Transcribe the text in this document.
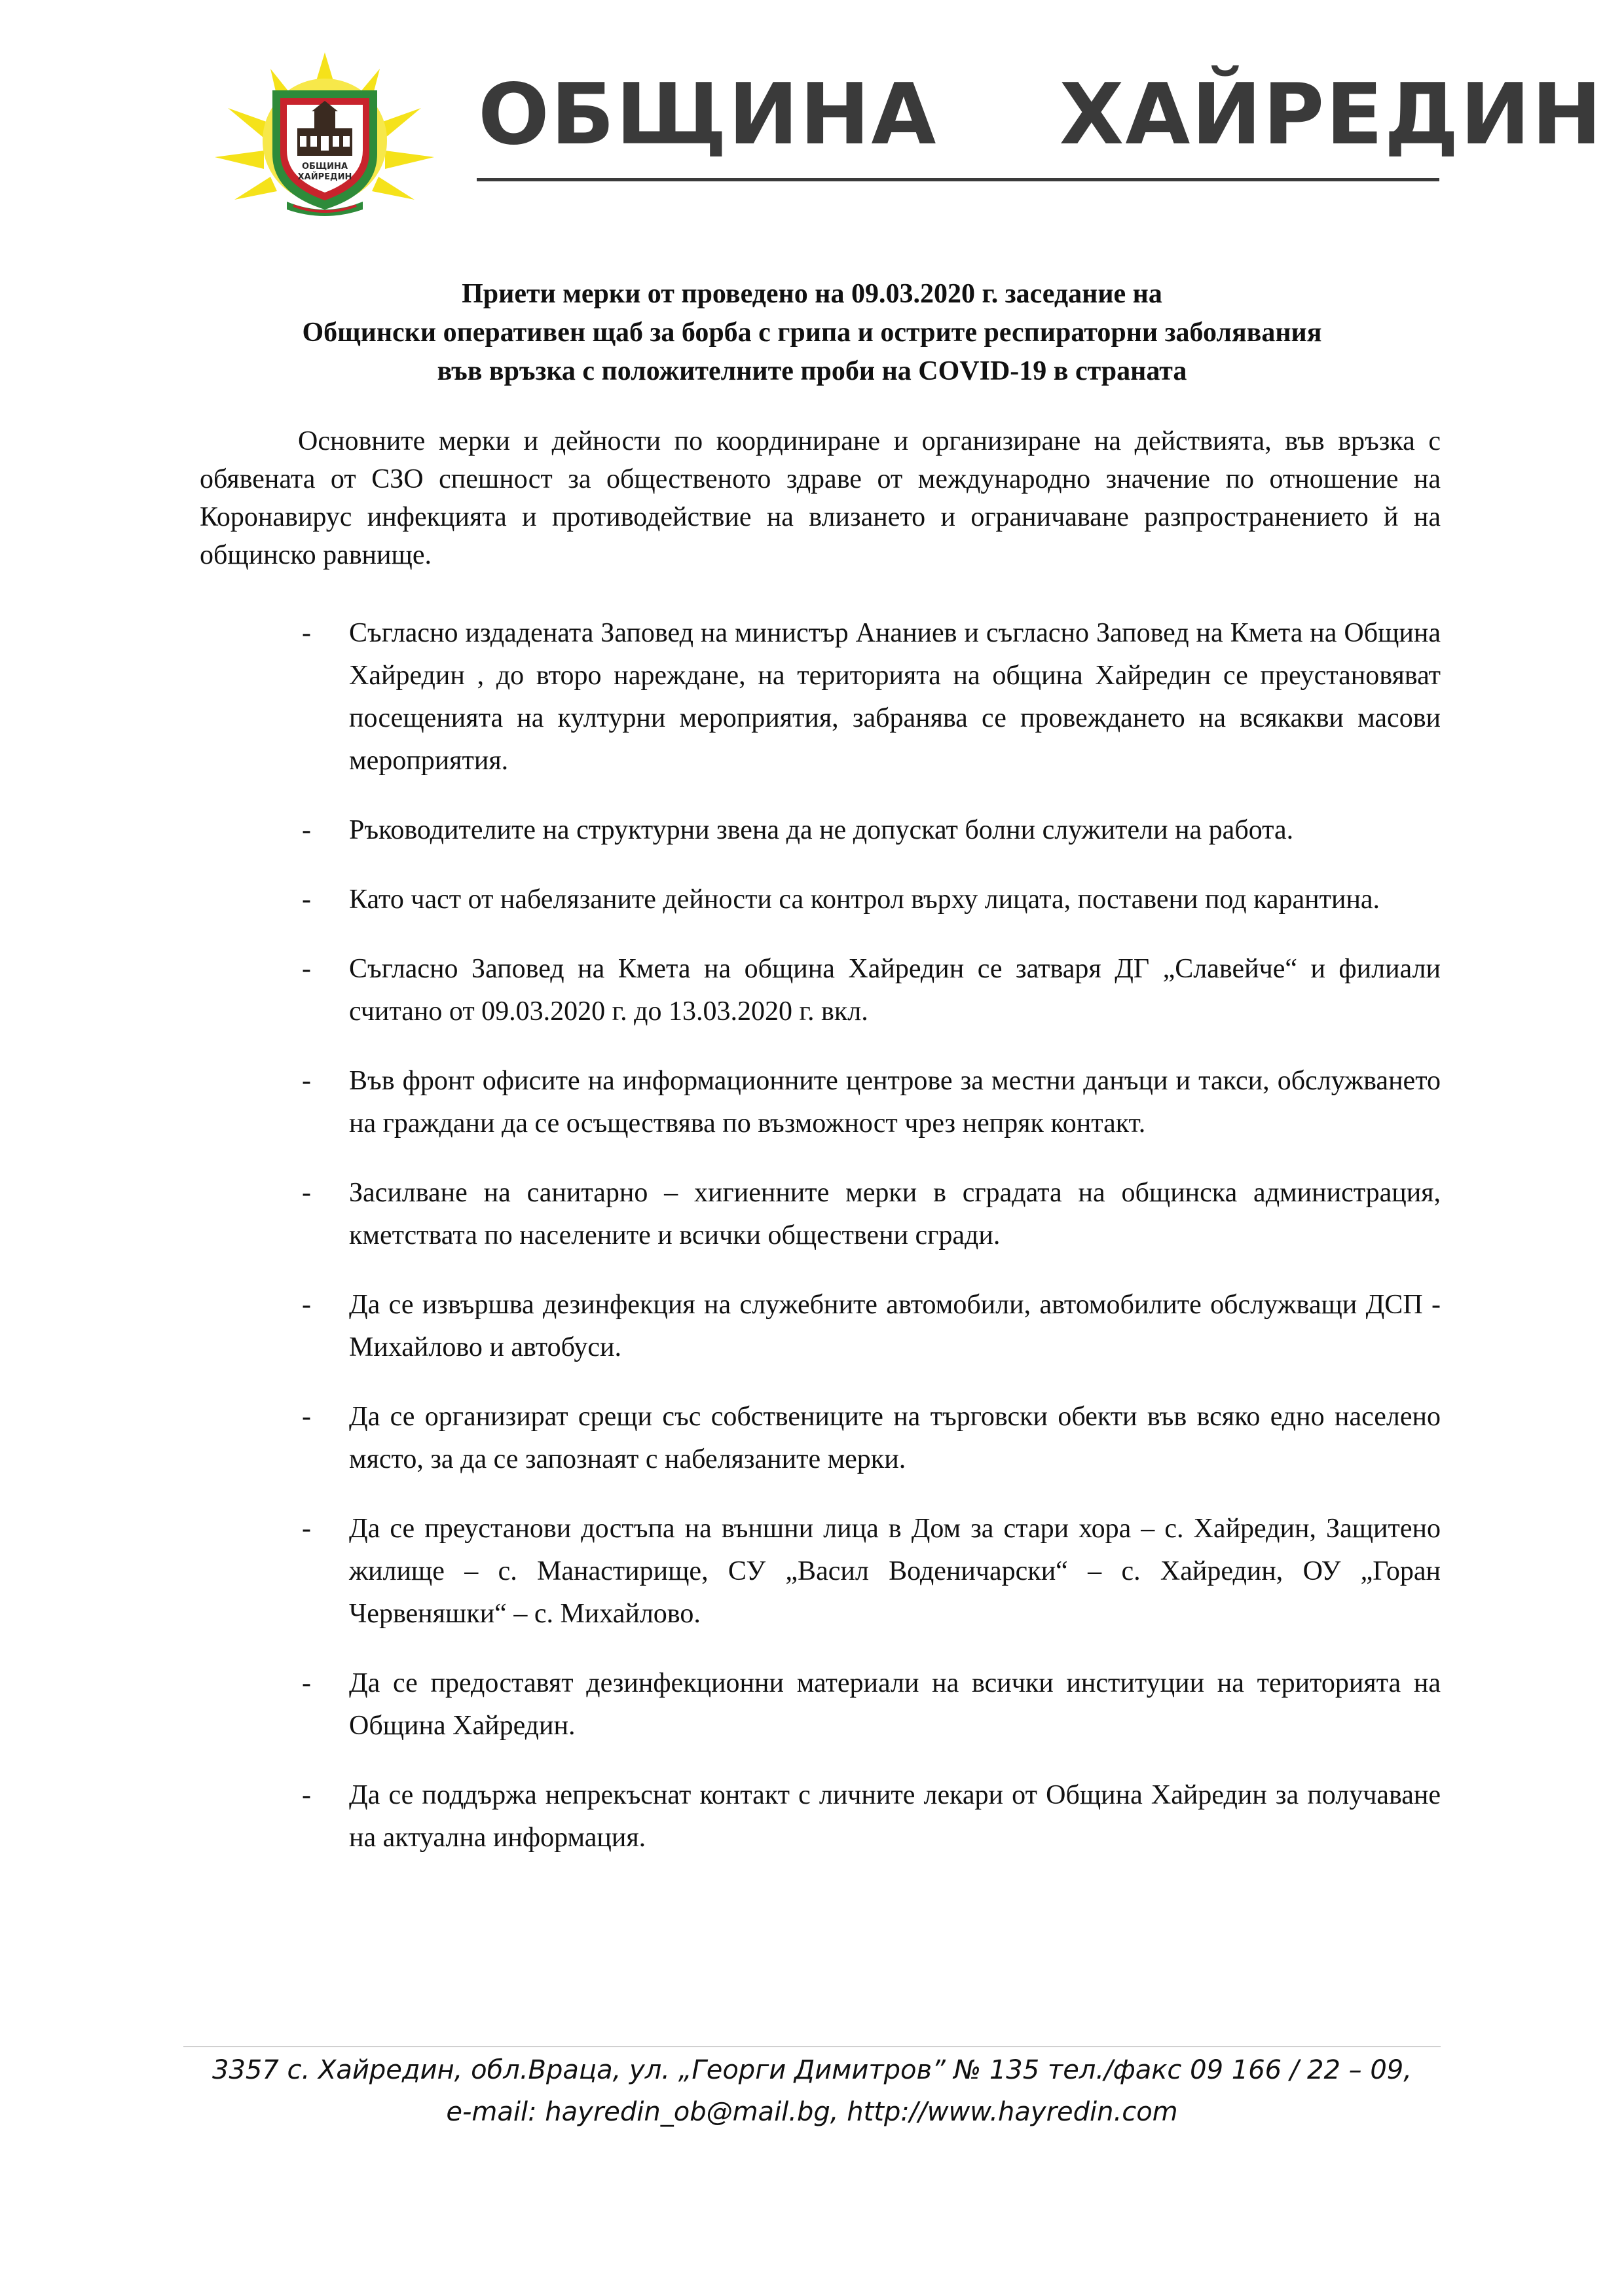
ОБЩИНА
ХАЙРЕДИН
ОБЩИНА    ХАЙРЕДИН
Приети мерки от проведено на 09.03.2020 г. заседание на
Общински оперативен щаб за борба с грипа и острите респираторни заболявания
във връзка с положителните проби на COVID-19 в страната

Основните мерки и дейности по координиране и организиране на действията, във връзка с обявената от СЗО спешност за общественото здраве от международно значение по отношение на Коронавирус инфекцията и противодействие на влизането и ограничаване разпространението й на общинско равнище.

- Съгласно издадената Заповед на министър Ананиев и съгласно Заповед на Кмета на Община Хайредин , до второ нареждане, на територията на община Хайредин се преустановяват посещенията на културни мероприятия, забранява се провеждането на всякакви масови мероприятия.
- Ръководителите на структурни звена да не допускат болни служители на работа.
- Като част от набелязаните дейности са контрол върху лицата, поставени под карантина.
- Съгласно Заповед на Кмета на община Хайредин се затваря ДГ „Славейче“ и филиали считано от 09.03.2020 г. до 13.03.2020 г. вкл.
- Във фронт офисите на информационните центрове за местни данъци и такси, обслужването на граждани да се осъществява по възможност чрез непряк контакт.
- Засилване на санитарно – хигиенните мерки в сградата на общинска администрация, кметствата по населените и всички обществени сгради.
- Да се извършва дезинфекция на служебните автомобили, автомобилите обслужващи ДСП - Михайлово и автобуси.
- Да се организират срещи със собствениците на търговски обекти във всяко едно населено място, за да се запознаят с набелязаните мерки.
- Да се преустанови достъпа на външни лица в Дом за стари хора – с. Хайредин, Защитено жилище – с. Манастирище, СУ „Васил Воденичарски“ – с. Хайредин, ОУ „Горан Червеняшки“ – с. Михайлово.
- Да се предоставят дезинфекционни материали на всички институции на територията на Община Хайредин.
- Да се поддържа непрекъснат контакт с личните лекари от Община Хайредин за получаване на актуална информация.
3357 с. Хайредин, обл.Враца, ул. „Георги Димитров” № 135 тел./факс 09 166 / 22 – 09,
e-mail: hayredin_ob@mail.bg, http://www.hayredin.com
